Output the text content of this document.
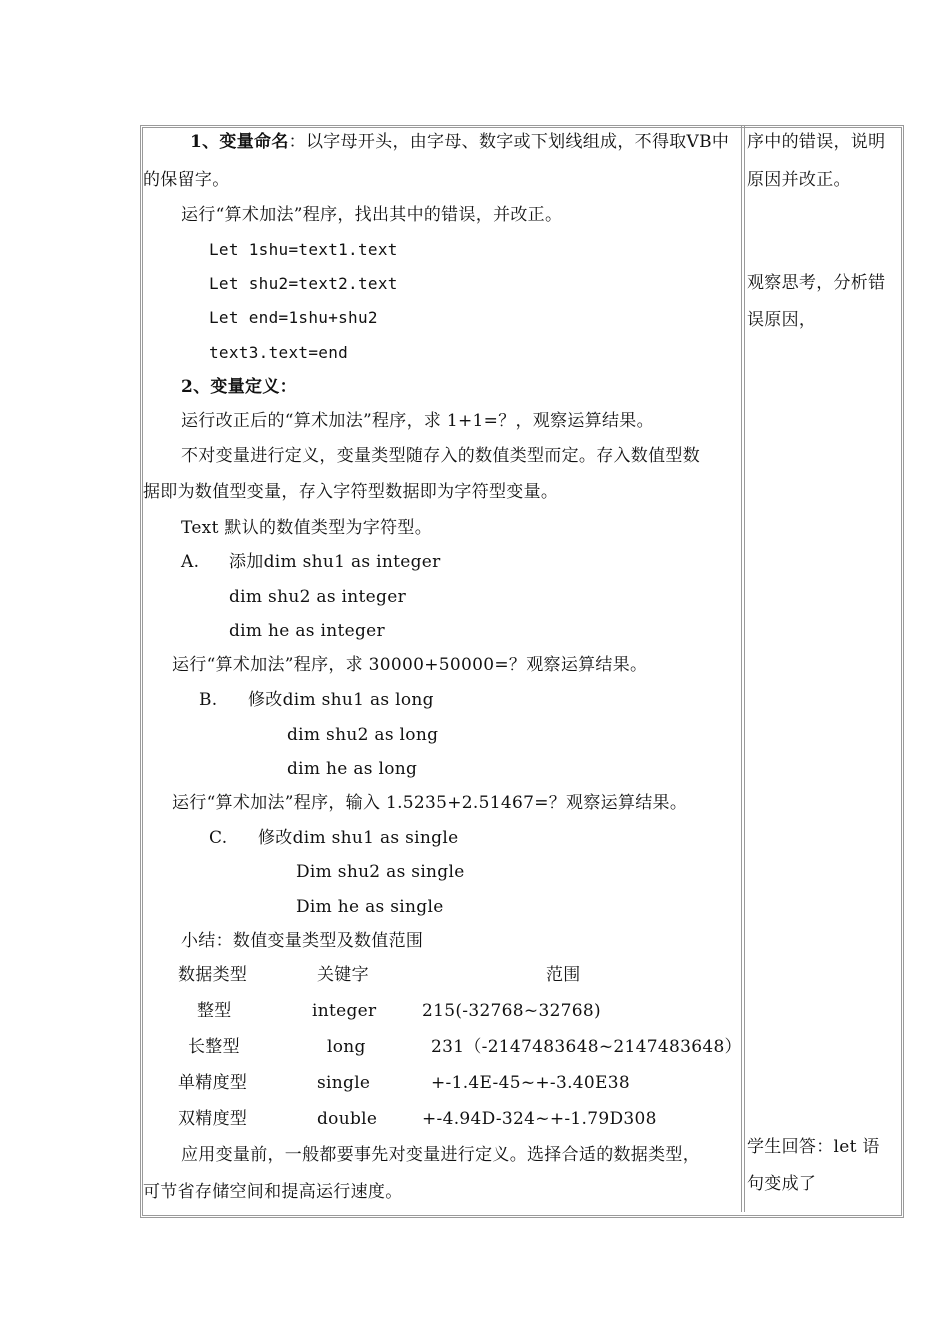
1、变量命名：以字母开头，由字母、数字或下划线组成，不得取VB中
的保留字。
运行“算术加法”程序，找出其中的错误，并改正。
Let 1shu=text1.text
Let shu2=text2.text
Let end=1shu+shu2
text3.text=end
2、变量定义：
运行改正后的“算术加法”程序，求 1+1=？，观察运算结果。
不对变量进行定义，变量类型随存入的数值类型而定。存入数值型数
据即为数值型变量，存入字符型数据即为字符型变量。
Text 默认的数值类型为字符型。
A. 添加dim shu1 as integer
dim shu2 as integer
dim he as integer
运行“算术加法”程序，求 30000+50000=？观察运算结果。
B. 修改dim shu1 as long
dim shu2 as long
dim he as long
运行“算术加法”程序，输入 1.5235+2.51467=？观察运算结果。
C. 修改dim shu1 as single
Dim shu2 as single
Dim he as single
小结：数值变量类型及数值范围
数据类型	关键字	范围
整型	integer	215(-32768~32768)
长整型	long	231（-2147483648~2147483648）
单精度型	single	+-1.4E-45~+-3.40E38
双精度型	double	+-4.94D-324~+-1.79D308
应用变量前，一般都要事先对变量进行定义。选择合适的数据类型，
可节省存储空间和提高运行速度。
序中的错误，说明
原因并改正。
观察思考，分析错
误原因，
学生回答：let 语
句变成了
